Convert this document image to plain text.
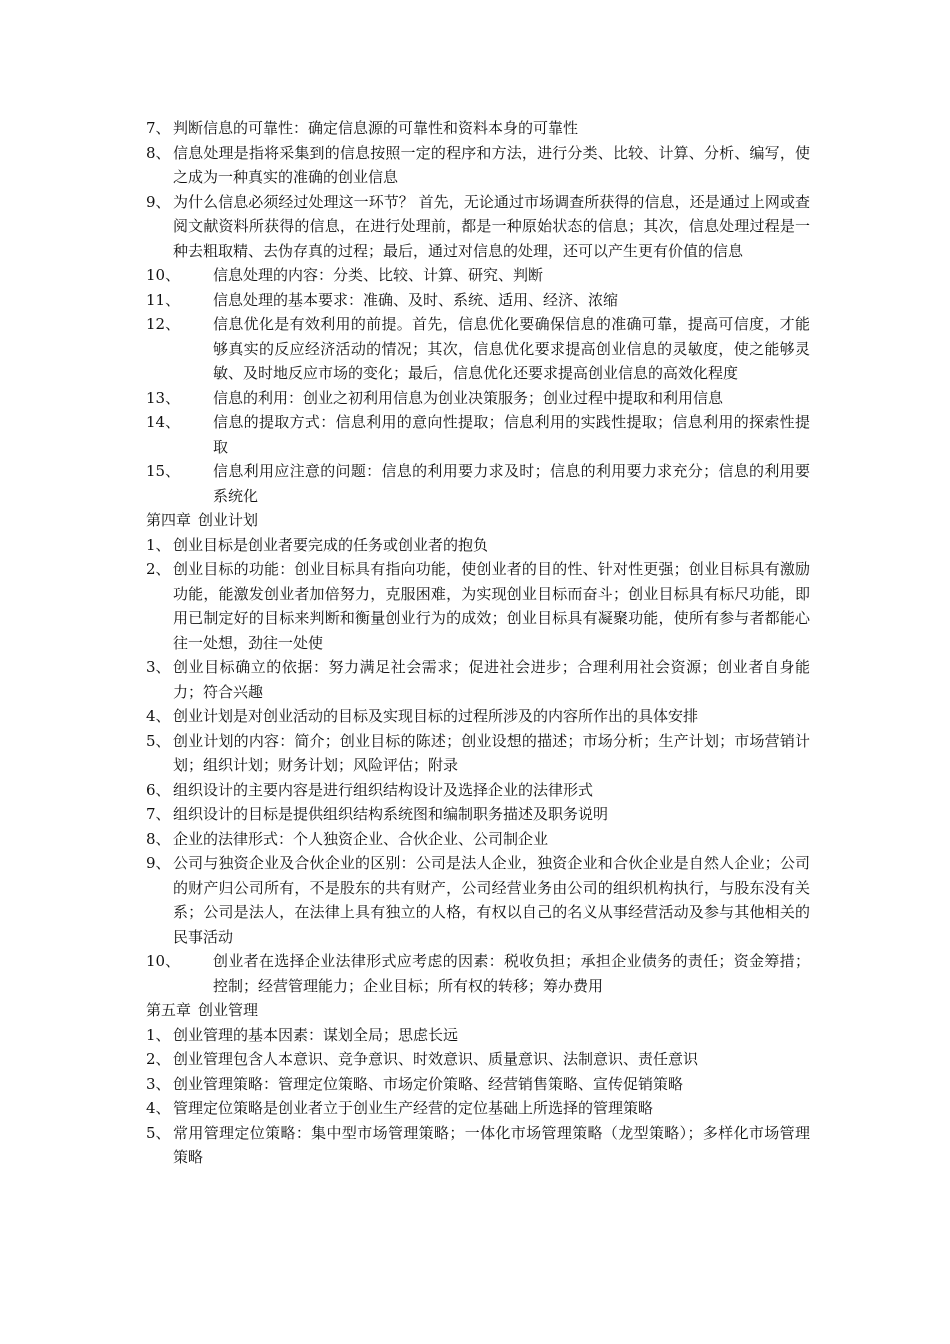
7、 判断信息的可靠性：确定信息源的可靠性和资料本身的可靠性
8、 信息处理是指将采集到的信息按照一定的程序和方法，进行分类、比较、计算、分析、编写，使之成为一种真实的准确的创业信息
9、 为什么信息必须经过处理这一环节？ 首先，无论通过市场调查所获得的信息，还是通过上网或查阅文献资料所获得的信息，在进行处理前，都是一种原始状态的信息；其次，信息处理过程是一种去粗取精、去伪存真的过程；最后，通过对信息的处理，还可以产生更有价值的信息
10、	信息处理的内容：分类、比较、计算、研究、判断
11、	信息处理的基本要求：准确、及时、系统、适用、经济、浓缩
12、	信息优化是有效利用的前提。首先，信息优化要确保信息的准确可靠，提高可信度，才能够真实的反应经济活动的情况；其次，信息优化要求提高创业信息的灵敏度，使之能够灵敏、及时地反应市场的变化；最后，信息优化还要求提高创业信息的高效化程度
13、	信息的利用：创业之初利用信息为创业决策服务；创业过程中提取和利用信息
14、	信息的提取方式：信息利用的意向性提取；信息利用的实践性提取；信息利用的探索性提取
15、	信息利用应注意的问题：信息的利用要力求及时；信息的利用要力求充分；信息的利用要系统化
第四章 创业计划
1、 创业目标是创业者要完成的任务或创业者的抱负
2、 创业目标的功能：创业目标具有指向功能，使创业者的目的性、针对性更强；创业目标具有激励功能，能激发创业者加倍努力，克服困难，为实现创业目标而奋斗；创业目标具有标尺功能，即用已制定好的目标来判断和衡量创业行为的成效；创业目标具有凝聚功能，使所有参与者都能心往一处想，劲往一处使
3、 创业目标确立的依据：努力满足社会需求；促进社会进步；合理利用社会资源；创业者自身能力；符合兴趣
4、 创业计划是对创业活动的目标及实现目标的过程所涉及的内容所作出的具体安排
5、 创业计划的内容：简介；创业目标的陈述；创业设想的描述；市场分析；生产计划；市场营销计划；组织计划；财务计划；风险评估；附录
6、 组织设计的主要内容是进行组织结构设计及选择企业的法律形式
7、 组织设计的目标是提供组织结构系统图和编制职务描述及职务说明
8、 企业的法律形式：个人独资企业、合伙企业、公司制企业
9、 公司与独资企业及合伙企业的区别：公司是法人企业，独资企业和合伙企业是自然人企业；公司的财产归公司所有，不是股东的共有财产，公司经营业务由公司的组织机构执行，与股东没有关系；公司是法人，在法律上具有独立的人格，有权以自己的名义从事经营活动及参与其他相关的民事活动
10、	创业者在选择企业法律形式应考虑的因素：税收负担；承担企业债务的责任；资金筹措；控制；经营管理能力；企业目标；所有权的转移；筹办费用
第五章 创业管理
1、 创业管理的基本因素：谋划全局；思虑长远
2、 创业管理包含人本意识、竞争意识、时效意识、质量意识、法制意识、责任意识
3、 创业管理策略：管理定位策略、市场定价策略、经营销售策略、宣传促销策略
4、 管理定位策略是创业者立于创业生产经营的定位基础上所选择的管理策略
5、 常用管理定位策略：集中型市场管理策略；一体化市场管理策略（龙型策略）；多样化市场管理策略
